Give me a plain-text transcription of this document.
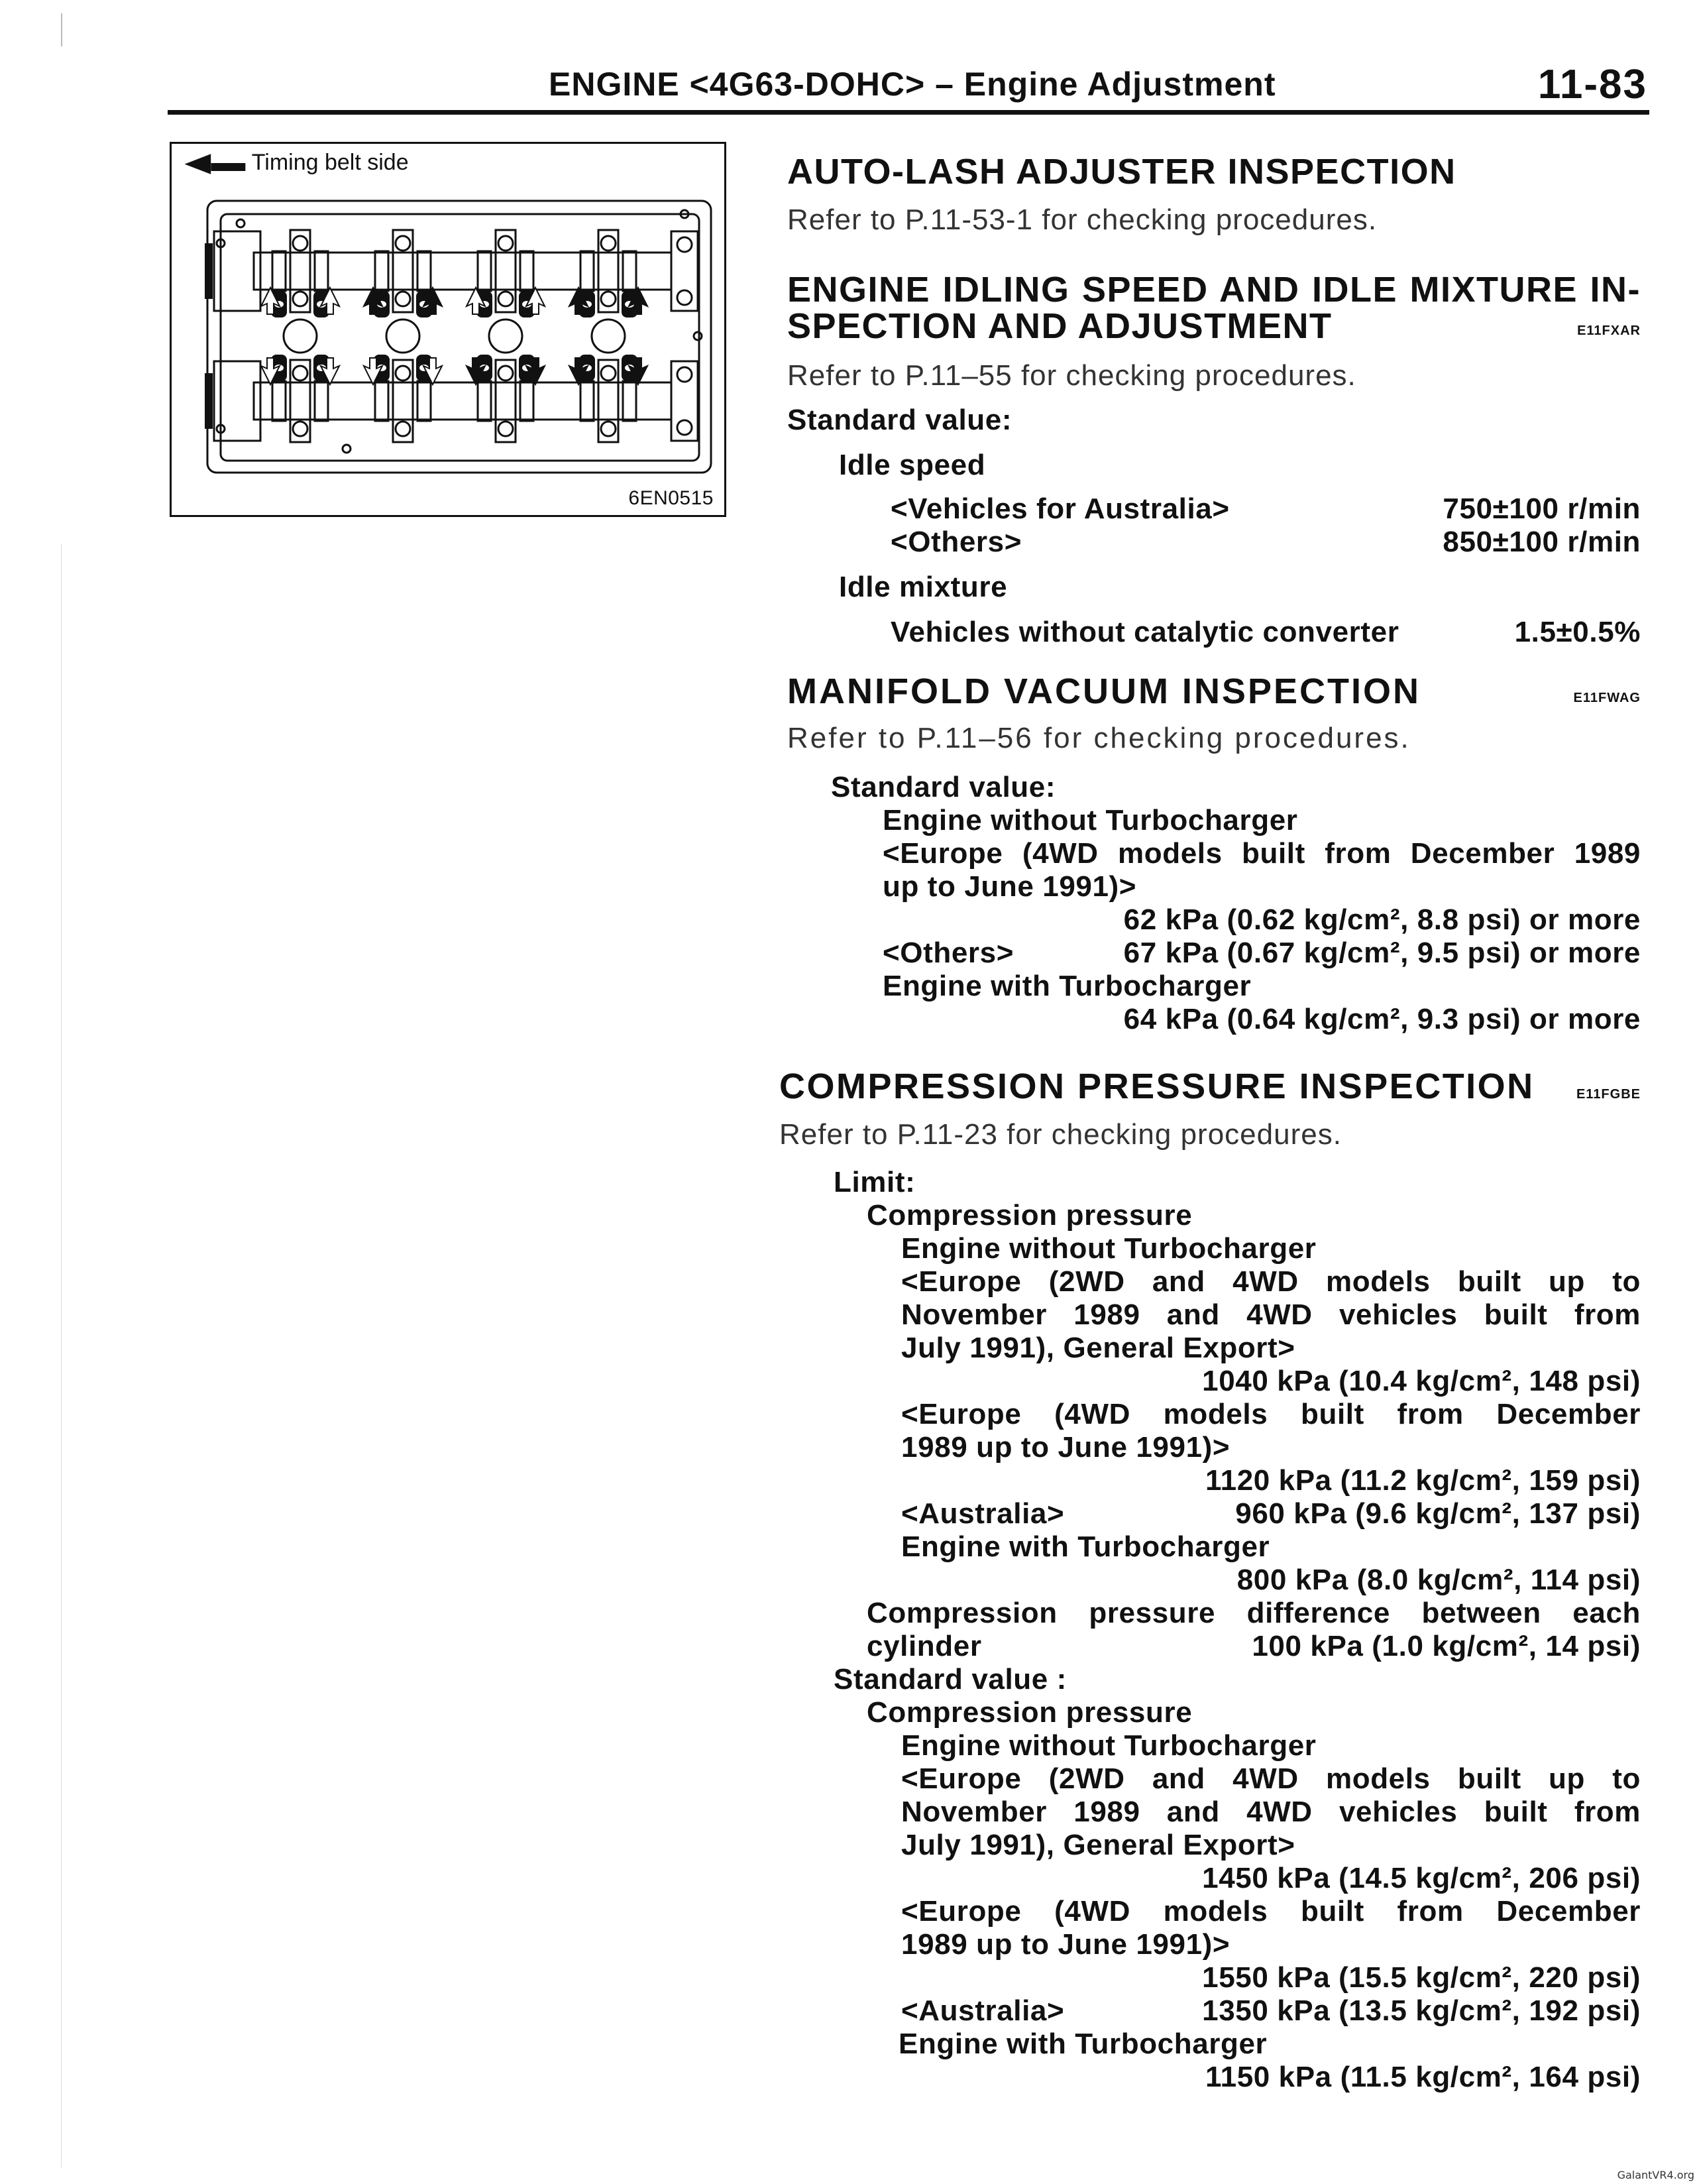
ENGINE <4G63-DOHC> – Engine Adjustment	11-83
◀▬ Timing belt side
6EN0515
AUTO-LASH ADJUSTER INSPECTION
Refer to P.11-53-1 for checking procedures.
ENGINE IDLING SPEED AND IDLE MIXTURE IN-
SPECTION AND ADJUSTMENT	E11FXAR
Refer to P.11–55 for checking procedures.
Standard value:
Idle speed
<Vehicles for Australia>	750±100 r/min
<Others>	850±100 r/min
Idle mixture
Vehicles without catalytic converter	1.5±0.5%
MANIFOLD VACUUM INSPECTION	E11FWAG
Refer to P.11–56 for checking procedures.
Standard value:
Engine without Turbocharger
<Europe (4WD models built from December 1989
up to June 1991)>
62 kPa (0.62 kg/cm², 8.8 psi) or more
<Others>	67 kPa (0.67 kg/cm², 9.5 psi) or more
Engine with Turbocharger
64 kPa (0.64 kg/cm², 9.3 psi) or more
COMPRESSION PRESSURE INSPECTION	E11FGBE
Refer to P.11-23 for checking procedures.
Limit:
Compression pressure
Engine without Turbocharger
<Europe (2WD and 4WD models built up to
November 1989 and 4WD vehicles built from
July 1991), General Export>
1040 kPa (10.4 kg/cm², 148 psi)
<Europe (4WD models built from December
1989 up to June 1991)>
1120 kPa (11.2 kg/cm², 159 psi)
<Australia>	960 kPa (9.6 kg/cm², 137 psi)
Engine with Turbocharger
800 kPa (8.0 kg/cm², 114 psi)
Compression pressure difference between each
cylinder	100 kPa (1.0 kg/cm², 14 psi)
Standard value :
Compression pressure
Engine without Turbocharger
<Europe (2WD and 4WD models built up to
November 1989 and 4WD vehicles built from
July 1991), General Export>
1450 kPa (14.5 kg/cm², 206 psi)
<Europe (4WD models built from December
1989 up to June 1991)>
1550 kPa (15.5 kg/cm², 220 psi)
<Australia>	1350 kPa (13.5 kg/cm², 192 psi)
Engine with Turbocharger
1150 kPa (11.5 kg/cm², 164 psi)
GalantVR4.org
